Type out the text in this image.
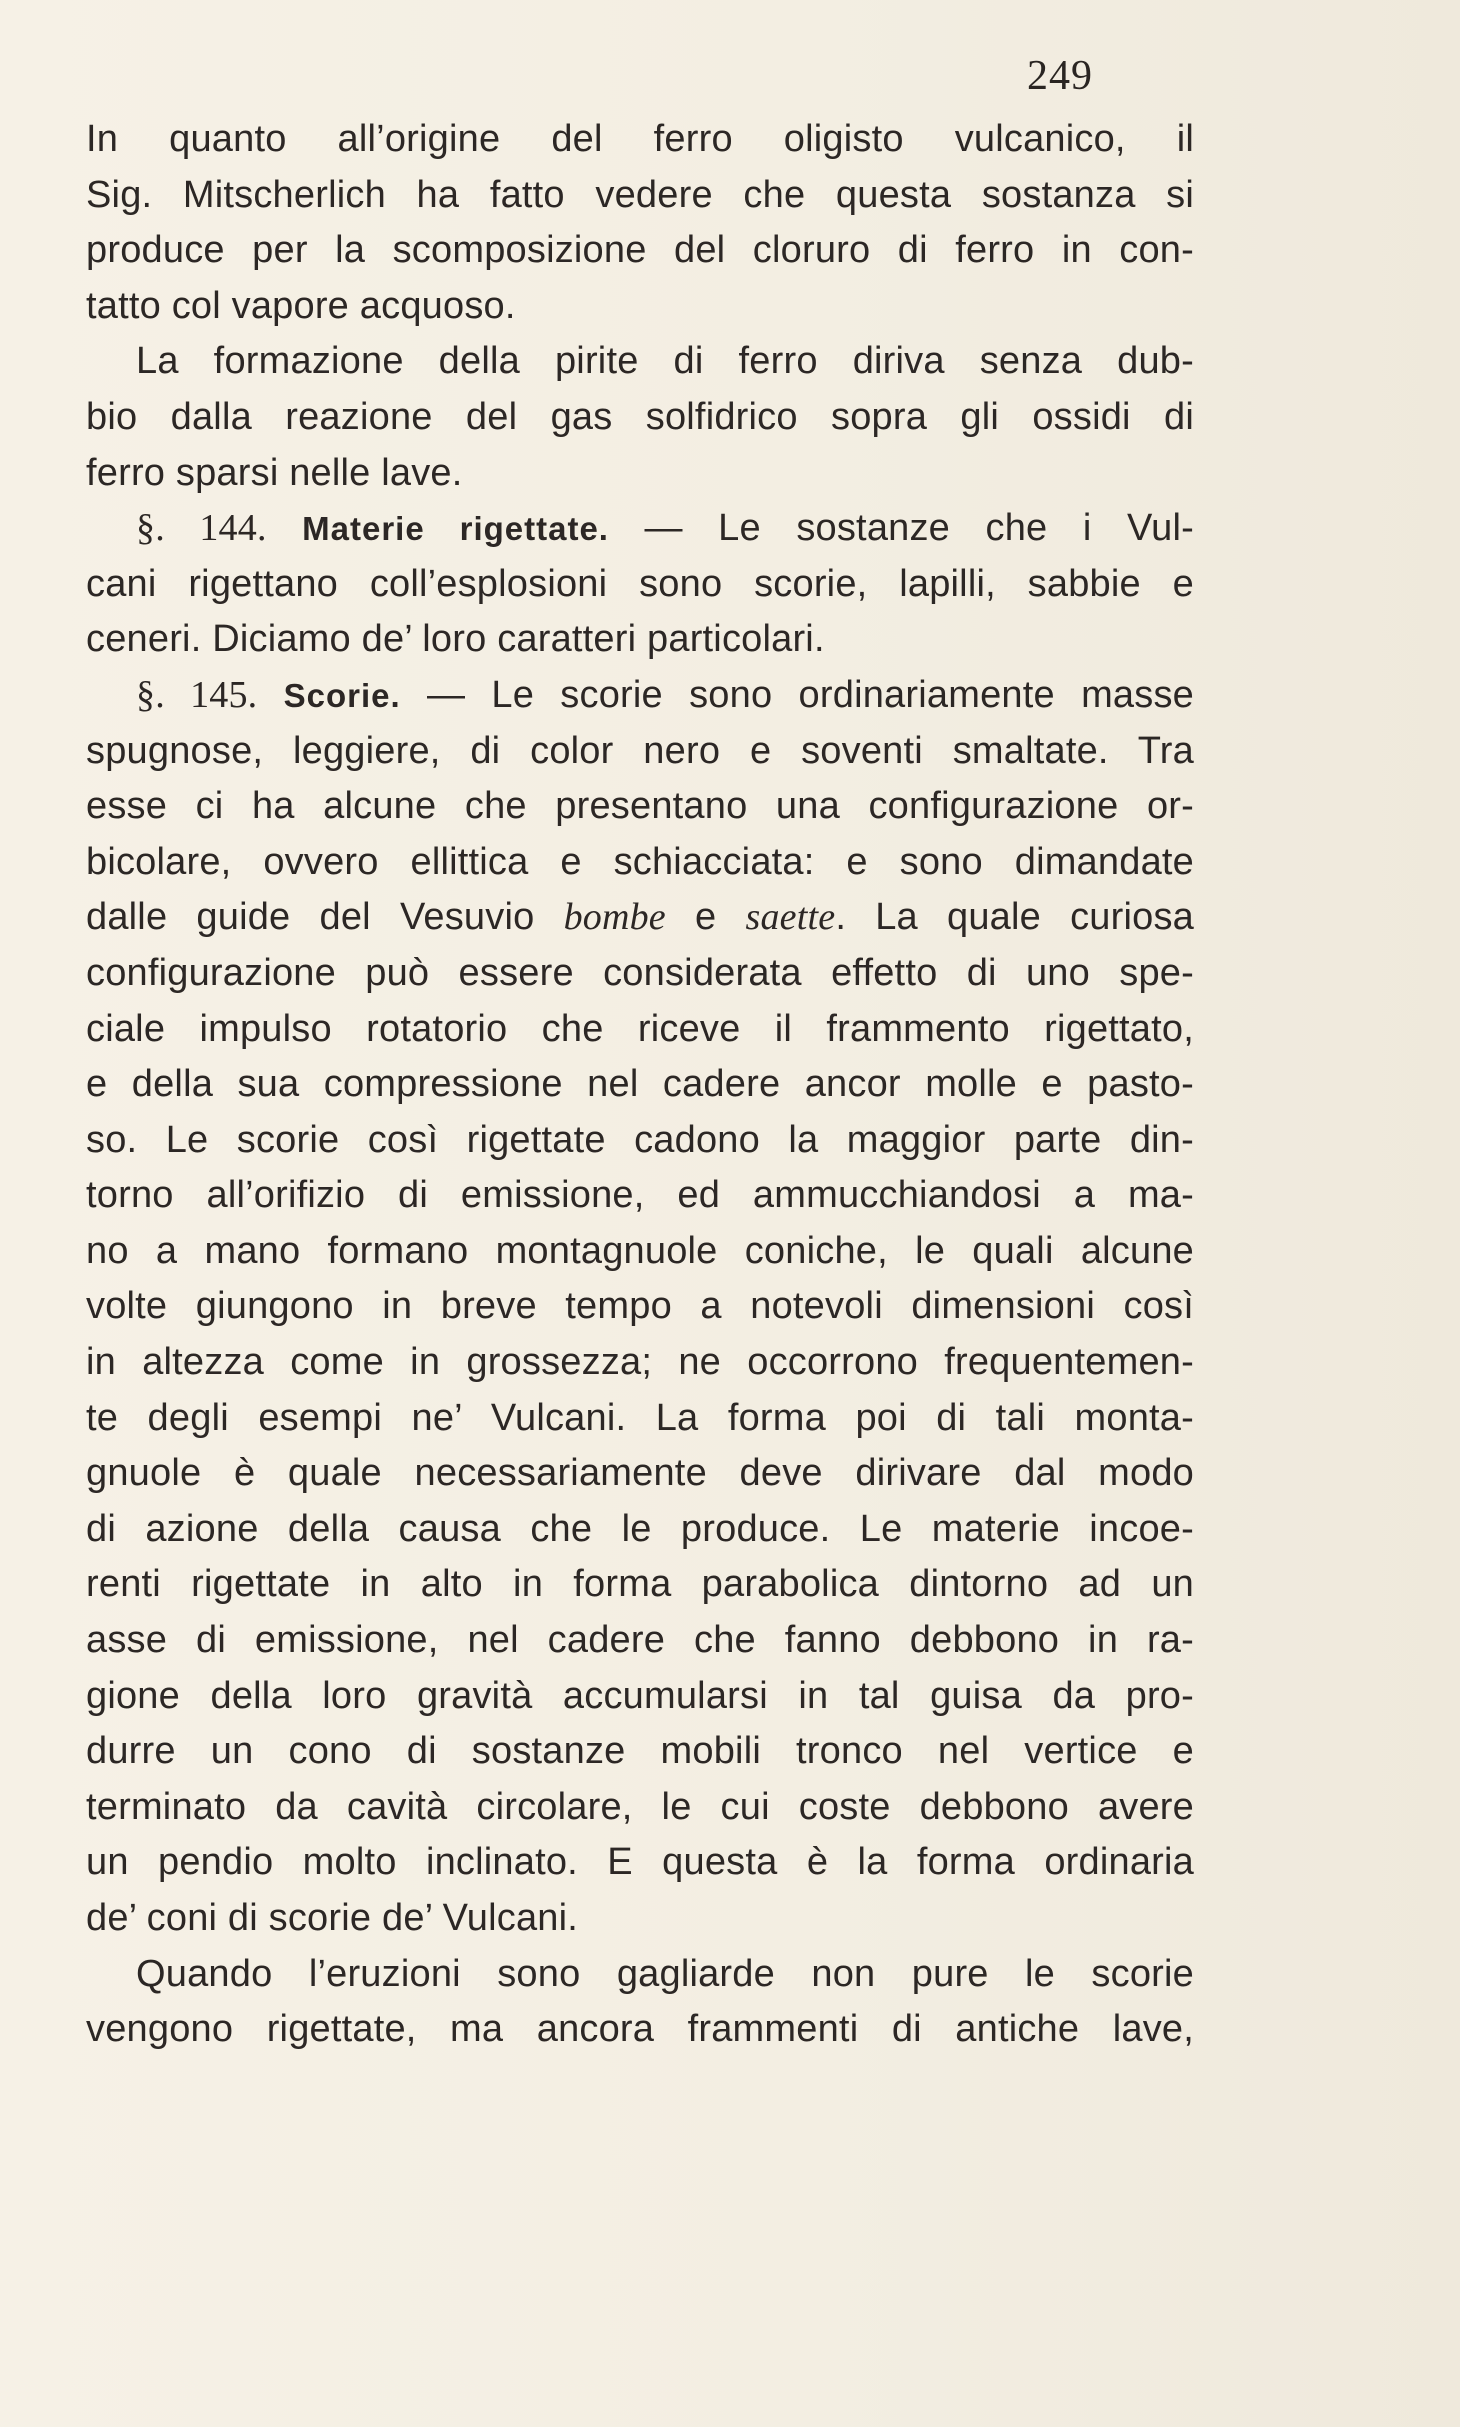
249
In quanto all’origine del ferro oligisto vulcanico, il
Sig. Mitscherlich ha fatto vedere che questa sostanza si
produce per la scomposizione del cloruro di ferro in con-
tatto col vapore acquoso.
La formazione della pirite di ferro diriva senza dub-
bio dalla reazione del gas solfidrico sopra gli ossidi di
ferro sparsi nelle lave.
§. 144. Materie rigettate. — Le sostanze che i Vul-
cani rigettano coll’esplosioni sono scorie, lapilli, sabbie e
ceneri. Diciamo de’ loro caratteri particolari.
§. 145. Scorie. — Le scorie sono ordinariamente masse
spugnose, leggiere, di color nero e soventi smaltate. Tra
esse ci ha alcune che presentano una configurazione or-
bicolare, ovvero ellittica e schiacciata: e sono dimandate
dalle guide del Vesuvio bombe e saette. La quale curiosa
configurazione può essere considerata effetto di uno spe-
ciale impulso rotatorio che riceve il frammento rigettato,
e della sua compressione nel cadere ancor molle e pasto-
so. Le scorie così rigettate cadono la maggior parte din-
torno all’orifizio di emissione, ed ammucchiandosi a ma-
no a mano formano montagnuole coniche, le quali alcune
volte giungono in breve tempo a notevoli dimensioni così
in altezza come in grossezza; ne occorrono frequentemen-
te degli esempi ne’ Vulcani. La forma poi di tali monta-
gnuole è quale necessariamente deve dirivare dal modo
di azione della causa che le produce. Le materie incoe-
renti rigettate in alto in forma parabolica dintorno ad un
asse di emissione, nel cadere che fanno debbono in ra-
gione della loro gravità accumularsi in tal guisa da pro-
durre un cono di sostanze mobili tronco nel vertice e
terminato da cavità circolare, le cui coste debbono avere
un pendio molto inclinato. E questa è la forma ordinaria
de’ coni di scorie de’ Vulcani.
Quando l’eruzioni sono gagliarde non pure le scorie
vengono rigettate, ma ancora frammenti di antiche lave,
